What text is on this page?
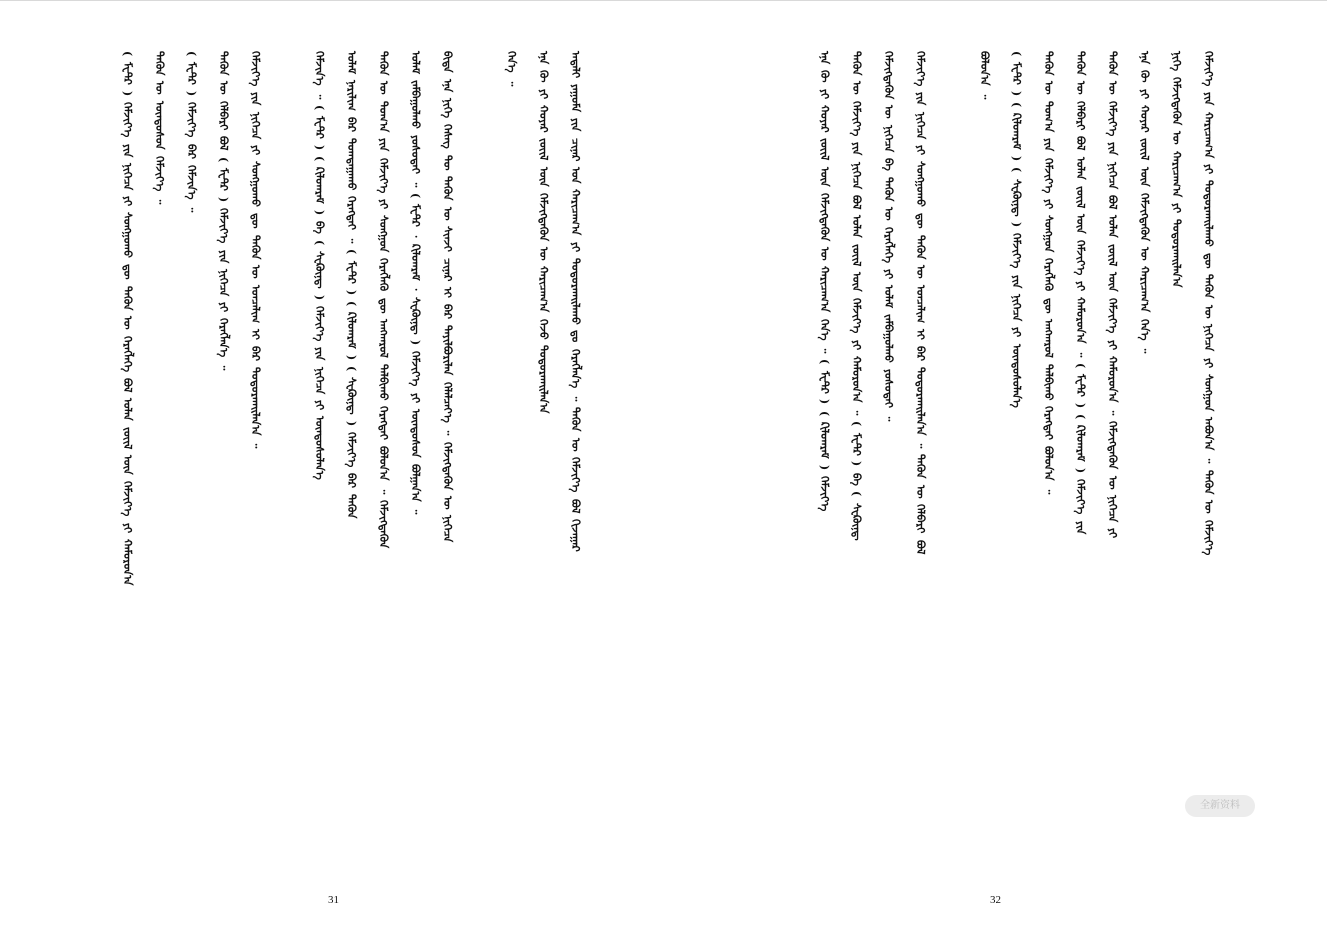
ᠠᠳᠠᠯᠢ
ᠶᠠᠭᠤᠮᠠ
ᠶᠢᠨ
ᠴᠢᠨᠠᠷ
ᠤᠨ
ᠬᠠᠷᠢᠴᠠᠭ᠎ᠠ
ᠶᠢ
ᠲᠣᠳᠤᠷᠬᠠᠢᠯᠠᠬᠤ
ᠳᠤ
ᠬᠡᠷᠡᠭᠯᠡᠨ᠎ᠡ
᠃
ᠲᠡᠭᠦᠨ
ᠦ
ᠬᠡᠮᠵᠢᠶ᠎ᠡ
ᠪᠣᠯ
ᠬᠢᠵᠠᠭᠠᠷ
ᠡᠨᠡ
ᠬᠦ
ᠶᠢ
ᠬᠣᠶᠠᠷ
ᠵᠦᠢᠯ
ᠦᠨ
ᠬᠡᠮᠵᠢᠭᠳᠡᠬᠦᠨ
ᠦ
ᠬᠠᠷᠢᠴᠠᠭ᠎ᠠ
ᠭᠡᠵᠦ
ᠲᠣᠳᠤᠷᠬᠠᠢᠯᠠᠨ᠎ᠠ
ᠭᠡᠨ᠎ᠡ
᠃
ᠪᠢᠳᠡ
ᠡᠨᠡ
ᠨᠢᠭᠡ
ᠬᠡᠰᠡᠭ
ᠲᠦ
ᠲᠡᠭᠦᠨ
ᠦ
ᠰᠢᠨᠵᠢ
ᠴᠢᠨᠠᠷ
ᠢ
ᠪᠠᠷ
ᠲᠠᠶᠢᠯᠪᠤᠷᠢᠯᠠᠨ
ᠬᠡᠯᠡᠯᠴᠡᠶ᠎ᠡ
᠃
ᠬᠡᠮᠵᠢᠭᠳᠡᠬᠦᠨ
ᠦ
ᠨᠢᠭᠡᠴᠡ
ᠤᠯᠠᠮ
ᠵᠠᠮᠪᠠᠭᠤᠯᠬᠤ
ᠶᠤᠰᠤᠲᠠᠢ
᠃
(
ᠮᠧᠲ᠋ᠷ
᠂
ᠺᠢᠯᠣᠭᠷᠠᠮ
᠂
ᠰᠧᠺᠦ᠋ᠨ᠋ᠳ᠋
)
ᠬᠡᠮᠵᠢᠶ᠎ᠡ
ᠶᠢ
ᠦᠨᠳᠦᠰᠦᠨ
ᠪᠣᠯᠭᠠᠨ᠎ᠠ
᠃
ᠲᠡᠭᠦᠨ
ᠦ
ᠲᠣᠭ᠎ᠠ
ᠶᠢᠨ
ᠬᠡᠮᠵᠢᠶ᠎ᠡ
ᠶᠢ
ᠰᠣᠩᠭᠣᠨ
ᠬᠡᠷᠡᠭᠯᠡᠬᠦ
ᠳᠦ
ᠠᠩᠬᠠᠷᠤᠯ
ᠲᠠᠯᠪᠢᠬᠤ
ᠬᠡᠷᠡᠭᠲᠡᠢ
ᠪᠣᠯᠤᠨ᠎ᠠ
᠃
ᠬᠡᠮᠵᠢᠭᠳᠡᠬᠦᠨ
ᠤᠯᠠᠮ
ᠨᠠᠷᠢᠯᠢᠭ
ᠪᠠᠷ
ᠲᠣᠭᠲᠠᠭᠠᠬᠤ
ᠬᠡᠷᠡᠭᠲᠡᠢ
᠃
(
ᠮᠧᠲ᠋ᠷ
)
(
ᠺᠢᠯᠣᠭᠷᠠᠮ
)
(
ᠰᠧᠺᠦ᠋ᠨ᠋ᠳ᠋
)
ᠬᠡᠮᠵᠢᠶ᠎ᠡ
ᠪᠠᠷ
ᠲᠡᠭᠦᠨ
ᠬᠡᠮᠵᠢᠨ᠎ᠡ
᠃
(
ᠮᠧᠲ᠋ᠷ
)
(
ᠺᠢᠯᠣᠭᠷᠠᠮ
)
ᠪᠠ
(
ᠰᠧᠺᠦ᠋ᠨ᠋ᠳ᠋
)
ᠬᠡᠮᠵᠢᠶ᠎ᠡ
ᠶᠢᠨ
ᠨᠢᠭᠡᠴᠡ
ᠶᠢ
ᠦᠨᠳᠦᠰᠦᠯᠡᠨ᠎ᠡ
ᠬᠡᠮᠵᠢᠶ᠎ᠡ
ᠶᠢᠨ
ᠨᠢᠭᠡᠴᠡ
ᠶᠢ
ᠰᠣᠩᠭᠣᠬᠤ
ᠳᠦ
ᠲᠡᠭᠦᠨ
ᠦ
ᠣᠨᠴᠠᠯᠢᠭ
ᠢ
ᠪᠠᠷ
ᠲᠣᠳᠤᠷᠬᠠᠢᠯᠠᠨ᠎ᠠ
᠃
ᠲᠡᠭᠦᠨ
ᠦ
ᠬᠡᠯᠪᠡᠷᠢ
ᠪᠣᠯ
(
ᠮᠧᠲ᠋ᠷ
)
ᠬᠡᠮᠵᠢᠶ᠎ᠡ
ᠶᠢᠨ
ᠨᠢᠭᠡᠴᠡ
ᠶᠢ
ᠬᠡᠷᠡᠭᠯᠡᠨ᠎ᠡ
᠃
(
ᠮᠧᠲ᠋ᠷ
)
ᠬᠡᠮᠵᠢᠶ᠎ᠡ
ᠪᠠᠷ
ᠬᠡᠮᠵᠢᠨ᠎ᠡ
᠃
ᠲᠡᠭᠦᠨ
ᠦ
ᠦᠨᠳᠦᠰᠦᠨ
ᠬᠡᠮᠵᠢᠶ᠎ᠡ
᠃
(
ᠮᠧᠲ᠋ᠷ
)
ᠬᠡᠮᠵᠢᠶ᠎ᠡ
ᠶᠢᠨ
ᠨᠢᠭᠡᠴᠡ
ᠶᠢ
ᠰᠣᠩᠭᠣᠬᠤ
ᠳᠦ
ᠲᠡᠭᠦᠨ
ᠦ
ᠬᠡᠷᠡᠭᠯᠡᠭᠡ
ᠪᠣᠯ
ᠣᠯᠠᠨ
ᠵᠦᠢᠯ
ᠦᠨ
ᠬᠡᠮᠵᠢᠶ᠎ᠡ
ᠶᠢ
ᠬᠠᠮᠤᠷᠤᠨ᠎ᠠ
31
ᠬᠡᠮᠵᠢᠶ᠎ᠡ
ᠶᠢᠨ
ᠬᠠᠷᠢᠴᠠᠭ᠎ᠠ
ᠶᠢ
ᠲᠣᠳᠤᠷᠬᠠᠢᠯᠠᠬᠤ
ᠳᠦ
ᠲᠡᠭᠦᠨ
ᠦ
ᠨᠢᠭᠡᠴᠡ
ᠶᠢ
ᠰᠣᠩᠭᠣᠨ
ᠠᠪᠤᠨ᠎ᠠ
᠃
ᠲᠡᠭᠦᠨ
ᠦ
ᠬᠡᠮᠵᠢᠶ᠎ᠡ
ᠨᠢᠭᠡ
ᠬᠡᠮᠵᠢᠭᠳᠡᠬᠦᠨ
ᠦ
ᠬᠠᠷᠢᠴᠠᠭ᠎ᠠ
ᠶᠢ
ᠲᠣᠳᠤᠷᠬᠠᠢᠯᠠᠨ᠎ᠠ
ᠡᠨᠡ
ᠬᠦ
ᠶᠢ
ᠬᠣᠶᠠᠷ
ᠵᠦᠢᠯ
ᠦᠨ
ᠬᠡᠮᠵᠢᠭᠳᠡᠬᠦᠨ
ᠦ
ᠬᠠᠷᠢᠴᠠᠭ᠎ᠠ
ᠭᠡᠨ᠎ᠡ
᠃
ᠲᠡᠭᠦᠨ
ᠦ
ᠬᠡᠮᠵᠢᠶ᠎ᠡ
ᠶᠢᠨ
ᠨᠢᠭᠡᠴᠡ
ᠪᠣᠯ
ᠣᠯᠠᠨ
ᠵᠦᠢᠯ
ᠦᠨ
ᠬᠡᠮᠵᠢᠶ᠎ᠡ
ᠶᠢ
ᠬᠠᠮᠤᠷᠤᠨ᠎ᠠ
᠃
ᠬᠡᠮᠵᠢᠭᠳᠡᠬᠦᠨ
ᠦ
ᠨᠢᠭᠡᠴᠡ
ᠶᠢ
ᠲᠡᠭᠦᠨ
ᠦ
ᠬᠡᠯᠪᠡᠷᠢ
ᠪᠣᠯ
ᠣᠯᠠᠨ
ᠵᠦᠢᠯ
ᠦᠨ
ᠬᠡᠮᠵᠢᠶ᠎ᠡ
ᠶᠢ
ᠬᠠᠮᠤᠷᠤᠨ᠎ᠠ
᠃
(
ᠮᠧᠲ᠋ᠷ
)
(
ᠺᠢᠯᠣᠭᠷᠠᠮ
)
ᠬᠡᠮᠵᠢᠶ᠎ᠡ
ᠶᠢᠨ
ᠲᠡᠭᠦᠨ
ᠦ
ᠲᠣᠭ᠎ᠠ
ᠶᠢᠨ
ᠬᠡᠮᠵᠢᠶ᠎ᠡ
ᠶᠢ
ᠰᠣᠩᠭᠣᠨ
ᠬᠡᠷᠡᠭᠯᠡᠬᠦ
ᠳᠦ
ᠠᠩᠬᠠᠷᠤᠯ
ᠲᠠᠯᠪᠢᠬᠤ
ᠬᠡᠷᠡᠭᠲᠡᠢ
ᠪᠣᠯᠤᠨ᠎ᠠ
᠃
(
ᠮᠧᠲ᠋ᠷ
)
(
ᠺᠢᠯᠣᠭᠷᠠᠮ
)
(
ᠰᠧᠺᠦ᠋ᠨ᠋ᠳ᠋
)
ᠬᠡᠮᠵᠢᠶ᠎ᠡ
ᠶᠢᠨ
ᠨᠢᠭᠡᠴᠡ
ᠶᠢ
ᠦᠨᠳᠦᠰᠦᠯᠡᠨ᠎ᠡ
ᠪᠣᠯᠤᠨ᠎ᠠ
᠃
ᠬᠡᠮᠵᠢᠶ᠎ᠡ
ᠶᠢᠨ
ᠨᠢᠭᠡᠴᠡ
ᠶᠢ
ᠰᠣᠩᠭᠣᠬᠤ
ᠳᠦ
ᠲᠡᠭᠦᠨ
ᠦ
ᠣᠨᠴᠠᠯᠢᠭ
ᠢ
ᠪᠠᠷ
ᠲᠣᠳᠤᠷᠬᠠᠢᠯᠠᠨ᠎ᠠ
᠃
ᠲᠡᠭᠦᠨ
ᠦ
ᠬᠡᠯᠪᠡᠷᠢ
ᠪᠣᠯ
ᠬᠡᠮᠵᠢᠭᠳᠡᠬᠦᠨ
ᠦ
ᠨᠢᠭᠡᠴᠡ
ᠪᠠ
ᠲᠡᠭᠦᠨ
ᠦ
ᠬᠡᠷᠡᠭᠯᠡᠭᠡ
ᠶᠢ
ᠤᠯᠠᠮ
ᠵᠠᠮᠪᠠᠭᠤᠯᠬᠤ
ᠶᠤᠰᠤᠲᠠᠢ
᠃
ᠲᠡᠭᠦᠨ
ᠦ
ᠬᠡᠮᠵᠢᠶ᠎ᠡ
ᠶᠢᠨ
ᠨᠢᠭᠡᠴᠡ
ᠪᠣᠯ
ᠣᠯᠠᠨ
ᠵᠦᠢᠯ
ᠦᠨ
ᠬᠡᠮᠵᠢᠶ᠎ᠡ
ᠶᠢ
ᠬᠠᠮᠤᠷᠤᠨ᠎ᠠ
᠃
(
ᠮᠧᠲ᠋ᠷ
)
ᠪᠠ
(
ᠰᠧᠺᠦ᠋ᠨ᠋ᠳ᠋
ᠡᠨᠡ
ᠬᠦ
ᠶᠢ
ᠬᠣᠶᠠᠷ
ᠵᠦᠢᠯ
ᠦᠨ
ᠬᠡᠮᠵᠢᠭᠳᠡᠬᠦᠨ
ᠦ
ᠬᠠᠷᠢᠴᠠᠭ᠎ᠠ
ᠭᠡᠨ᠎ᠡ
᠃
(
ᠮᠧᠲ᠋ᠷ
)
(
ᠺᠢᠯᠣᠭᠷᠠᠮ
)
ᠬᠡᠮᠵᠢᠶ᠎ᠡ
32
全新资料
